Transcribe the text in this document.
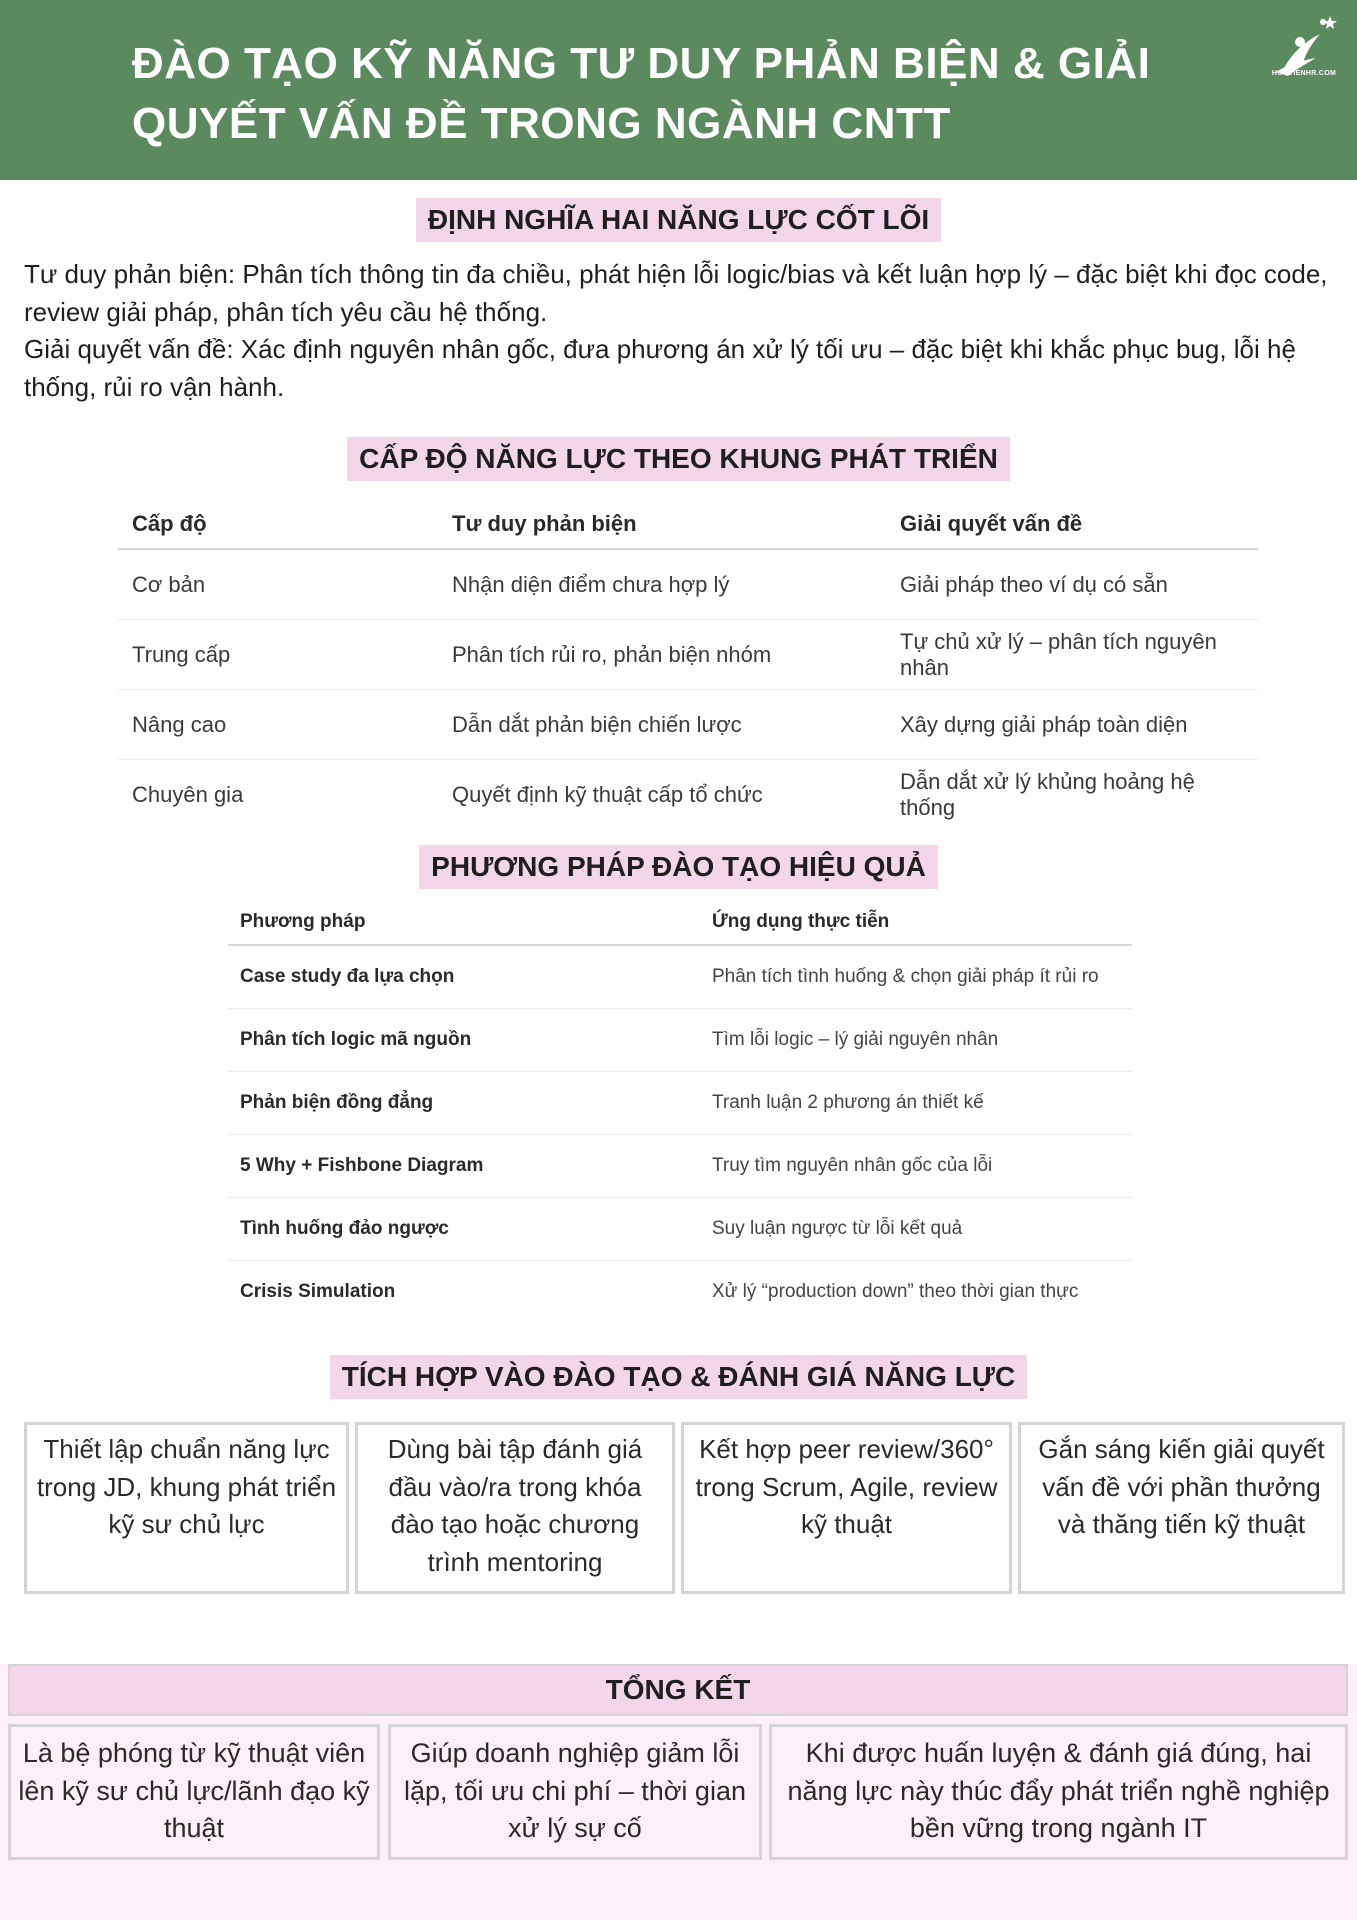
ĐÀO TẠO KỸ NĂNG TƯ DUY PHẢN BIỆN & GIẢI
QUYẾT VẤN ĐỀ TRONG NGÀNH CNTT
HOCVIENHR.COM
ĐỊNH NGHĨA HAI NĂNG LỰC CỐT LÕI

Tư duy phản biện: Phân tích thông tin đa chiều, phát hiện lỗi logic/bias và kết luận hợp lý – đặc biệt khi đọc code, review giải pháp, phân tích yêu cầu hệ thống.

Giải quyết vấn đề: Xác định nguyên nhân gốc, đưa phương án xử lý tối ưu – đặc biệt khi khắc phục bug, lỗi hệ thống, rủi ro vận hành.

CẤP ĐỘ NĂNG LỰC THEO KHUNG PHÁT TRIỂN
Cấp độ	Tư duy phản biện	Giải quyết vấn đề
Cơ bản	Nhận diện điểm chưa hợp lý	Giải pháp theo ví dụ có sẵn
Trung cấp	Phân tích rủi ro, phản biện nhóm	Tự chủ xử lý – phân tích nguyên nhân
Nâng cao	Dẫn dắt phản biện chiến lược	Xây dựng giải pháp toàn diện
Chuyên gia	Quyết định kỹ thuật cấp tổ chức	Dẫn dắt xử lý khủng hoảng hệ thống
PHƯƠNG PHÁP ĐÀO TẠO HIỆU QUẢ
Phương pháp	Ứng dụng thực tiễn
Case study đa lựa chọn	Phân tích tình huống & chọn giải pháp ít rủi ro
Phân tích logic mã nguồn	Tìm lỗi logic – lý giải nguyên nhân
Phản biện đồng đẳng	Tranh luận 2 phương án thiết kế
5 Why + Fishbone Diagram	Truy tìm nguyên nhân gốc của lỗi
Tình huống đảo ngược	Suy luận ngược từ lỗi kết quả
Crisis Simulation	Xử lý “production down” theo thời gian thực
TÍCH HỢP VÀO ĐÀO TẠO & ĐÁNH GIÁ NĂNG LỰC
Thiết lập chuẩn năng lực trong JD, khung phát triển kỹ sư chủ lực
Dùng bài tập đánh giá đầu vào/ra trong khóa đào tạo hoặc chương trình mentoring
Kết hợp peer review/360° trong Scrum, Agile, review kỹ thuật
Gắn sáng kiến giải quyết vấn đề với phần thưởng và thăng tiến kỹ thuật
TỔNG KẾT
Là bệ phóng từ kỹ thuật viên lên kỹ sư chủ lực/lãnh đạo kỹ thuật
Giúp doanh nghiệp giảm lỗi lặp, tối ưu chi phí – thời gian xử lý sự cố
Khi được huấn luyện & đánh giá đúng, hai năng lực này thúc đẩy phát triển nghề nghiệp bền vững trong ngành IT
